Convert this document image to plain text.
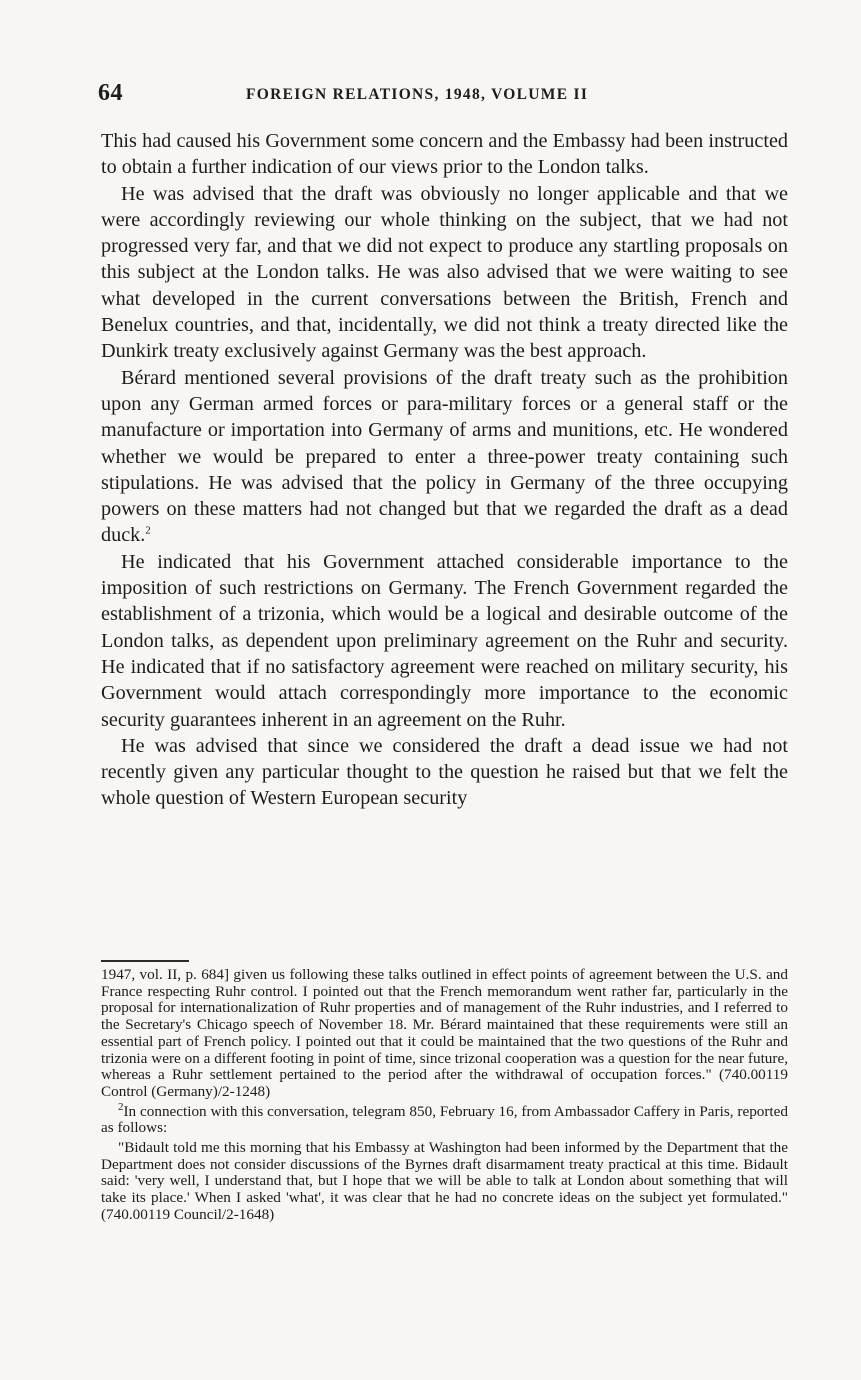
64	FOREIGN RELATIONS, 1948, VOLUME II

This had caused his Government some concern and the Embassy had been instructed to obtain a further indication of our views prior to the London talks.

He was advised that the draft was obviously no longer applicable and that we were accordingly reviewing our whole thinking on the subject, that we had not progressed very far, and that we did not expect to produce any startling proposals on this subject at the London talks. He was also advised that we were waiting to see what developed in the current conversations between the British, French and Benelux countries, and that, incidentally, we did not think a treaty directed like the Dunkirk treaty exclusively against Germany was the best approach.

Bérard mentioned several provisions of the draft treaty such as the prohibition upon any German armed forces or para-military forces or a general staff or the manufacture or importation into Germany of arms and munitions, etc. He wondered whether we would be prepared to enter a three-power treaty containing such stipulations. He was advised that the policy in Germany of the three occupying powers on these matters had not changed but that we regarded the draft as a dead duck.$^2$

He indicated that his Government attached considerable importance to the imposition of such restrictions on Germany. The French Government regarded the establishment of a trizonia, which would be a logical and desirable outcome of the London talks, as dependent upon preliminary agreement on the Ruhr and security. He indicated that if no satisfactory agreement were reached on military security, his Government would attach correspondingly more importance to the economic security guarantees inherent in an agreement on the Ruhr.

He was advised that since we considered the draft a dead issue we had not recently given any particular thought to the question he raised but that we felt the whole question of Western European security

1947, vol. II, p. 684] given us following these talks outlined in effect points of agreement between the U.S. and France respecting Ruhr control. I pointed out that the French memorandum went rather far, particularly in the proposal for internationalization of Ruhr properties and of management of the Ruhr industries, and I referred to the Secretary's Chicago speech of November 18. Mr. Bérard maintained that these requirements were still an essential part of French policy. I pointed out that it could be maintained that the two questions of the Ruhr and trizonia were on a different footing in point of time, since trizonal cooperation was a question for the near future, whereas a Ruhr settlement pertained to the period after the withdrawal of occupation forces." (740.00119 Control (Germany)/2-1248)

$^2$In connection with this conversation, telegram 850, February 16, from Ambassador Caffery in Paris, reported as follows:

"Bidault told me this morning that his Embassy at Washington had been informed by the Department that the Department does not consider discussions of the Byrnes draft disarmament treaty practical at this time. Bidault said: 'very well, I understand that, but I hope that we will be able to talk at London about something that will take its place.' When I asked 'what', it was clear that he had no concrete ideas on the subject yet formulated." (740.00119 Council/2-1648)
